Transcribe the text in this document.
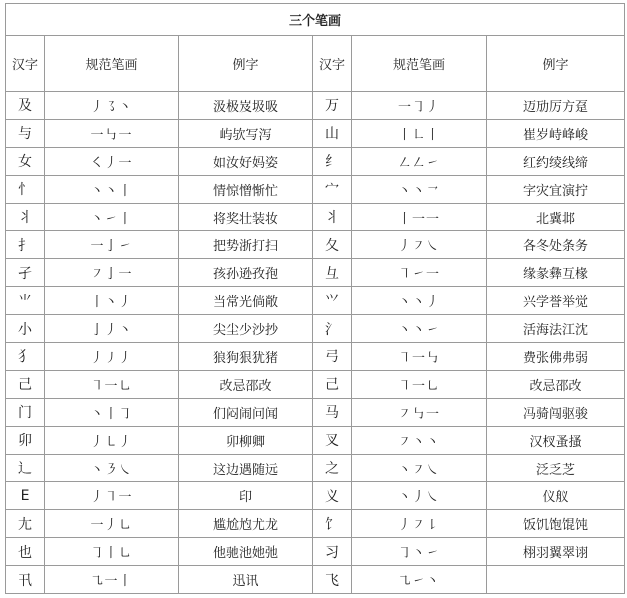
三个笔画					
汉字	规范笔画	例字	汉字	规范笔画	例字
及	丿㇌丶	汲极岌圾吸	万	一㇆丿	迈劢厉方趸
与	一㇉一	屿欤写泻	山	丨㇗丨	崔岁峙峰峻
女	㇛丿一	如汝好妈姿	纟	㇜㇜㇀	红约绫线缔
忄	丶丶丨	情惊憎惭忙	宀	丶丶㇖	字灾宜演拧
丬	丶㇀丨	将奖壮装妆	丬	丨一一	北冀邶
扌	一亅㇀	把势浙打扫	夂	丿㇇㇏	各冬处条务
孑	㇇亅一	孩孙逊孜孢	彑	㇕㇀一	缘彖彝互椽
⺌	丨丶丿	当常光倘敞	⺍	丶丶丿	兴学誉举觉
小	亅丿丶	尖尘少沙抄	氵	丶丶㇀	活海法江沈
犭	丿㇓丿	狼狗狠犹猪	弓	㇕一㇉	费张佛弗弱
己	㇕一㇟	改忌邵改	己	㇕一㇟	改忌邵改
门	丶丨㇆	们闷闹问闻	马	㇇㇉一	冯骑闯驱骏
卯	丿㇄丿	卯柳卿	叉	㇇丶丶	汉杈蚤搔
辶	丶㇋㇏	这边遇随远	之	丶㇇㇏	泛乏芝
E	丿㇕一	印	义	丶丿㇏	仪舣
尢	一丿㇟	尴尬尥尤龙	饣	丿㇇㇙	饭饥饱馄饨
也	㇆丨㇟	他驰池她弛	习	㇆丶㇀	栩羽翼翠诩
卂	㇈一丨	迅讯	飞	㇈㇀丶	
